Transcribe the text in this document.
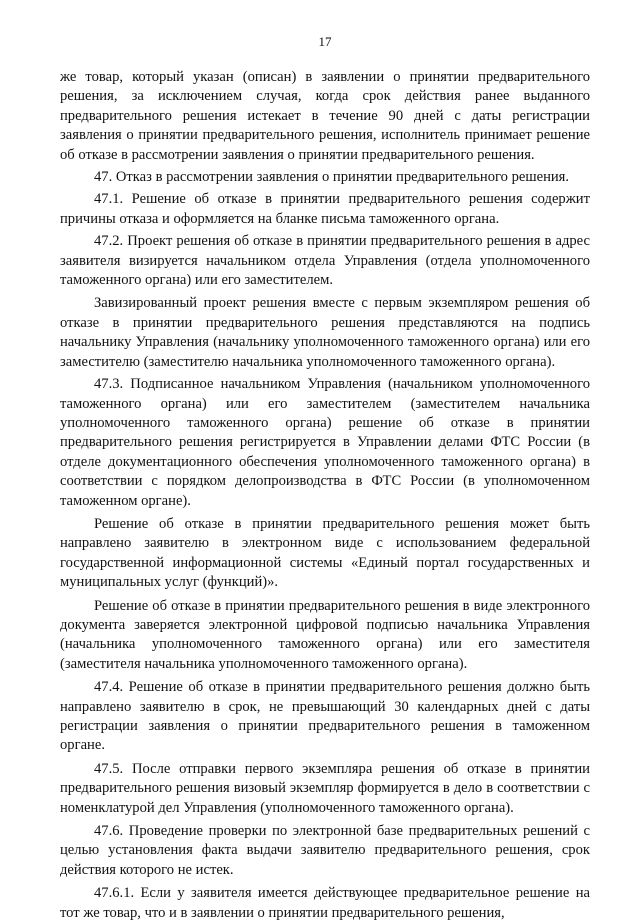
17

же товар, который указан (описан) в заявлении о принятии предварительного решения, за исключением случая, когда срок действия ранее выданного предварительного решения истекает в течение 90 дней с даты регистрации заявления о принятии предварительного решения, исполнитель принимает решение об отказе в рассмотрении заявления о принятии предварительного решения.

47. Отказ в рассмотрении заявления о принятии предварительного решения.

47.1. Решение об отказе в принятии предварительного решения содержит причины отказа и оформляется на бланке письма таможенного органа.

47.2. Проект решения об отказе в принятии предварительного решения в адрес заявителя визируется начальником отдела Управления (отдела уполномоченного таможенного органа) или его заместителем.

Завизированный проект решения вместе с первым экземпляром решения об отказе в принятии предварительного решения представляются на подпись начальнику Управления (начальнику уполномоченного таможенного органа) или его заместителю (заместителю начальника уполномоченного таможенного органа).

47.3. Подписанное начальником Управления (начальником уполномоченного таможенного органа) или его заместителем (заместителем начальника уполномоченного таможенного органа) решение об отказе в принятии предварительного решения регистрируется в Управлении делами ФТС России (в отделе документационного обеспечения уполномоченного таможенного органа) в соответствии с порядком делопроизводства в ФТС России (в уполномоченном таможенном органе).

Решение об отказе в принятии предварительного решения может быть направлено заявителю в электронном виде с использованием федеральной государственной информационной системы «Единый портал государственных и муниципальных услуг (функций)».

Решение об отказе в принятии предварительного решения в виде электронного документа заверяется электронной цифровой подписью начальника Управления (начальника уполномоченного таможенного органа) или его заместителя (заместителя начальника уполномоченного таможенного органа).

47.4. Решение об отказе в принятии предварительного решения должно быть направлено заявителю в срок, не превышающий 30 календарных дней с даты регистрации заявления о принятии предварительного решения в таможенном органе.

47.5. После отправки первого экземпляра решения об отказе в принятии предварительного решения визовый экземпляр формируется в дело в соответствии с номенклатурой дел Управления (уполномоченного таможенного органа).

47.6. Проведение проверки по электронной базе предварительных решений с целью установления факта выдачи заявителю предварительного решения, срок действия которого не истек.

47.6.1. Если у заявителя имеется действующее предварительное решение на тот же товар, что и в заявлении о принятии предварительного решения,
